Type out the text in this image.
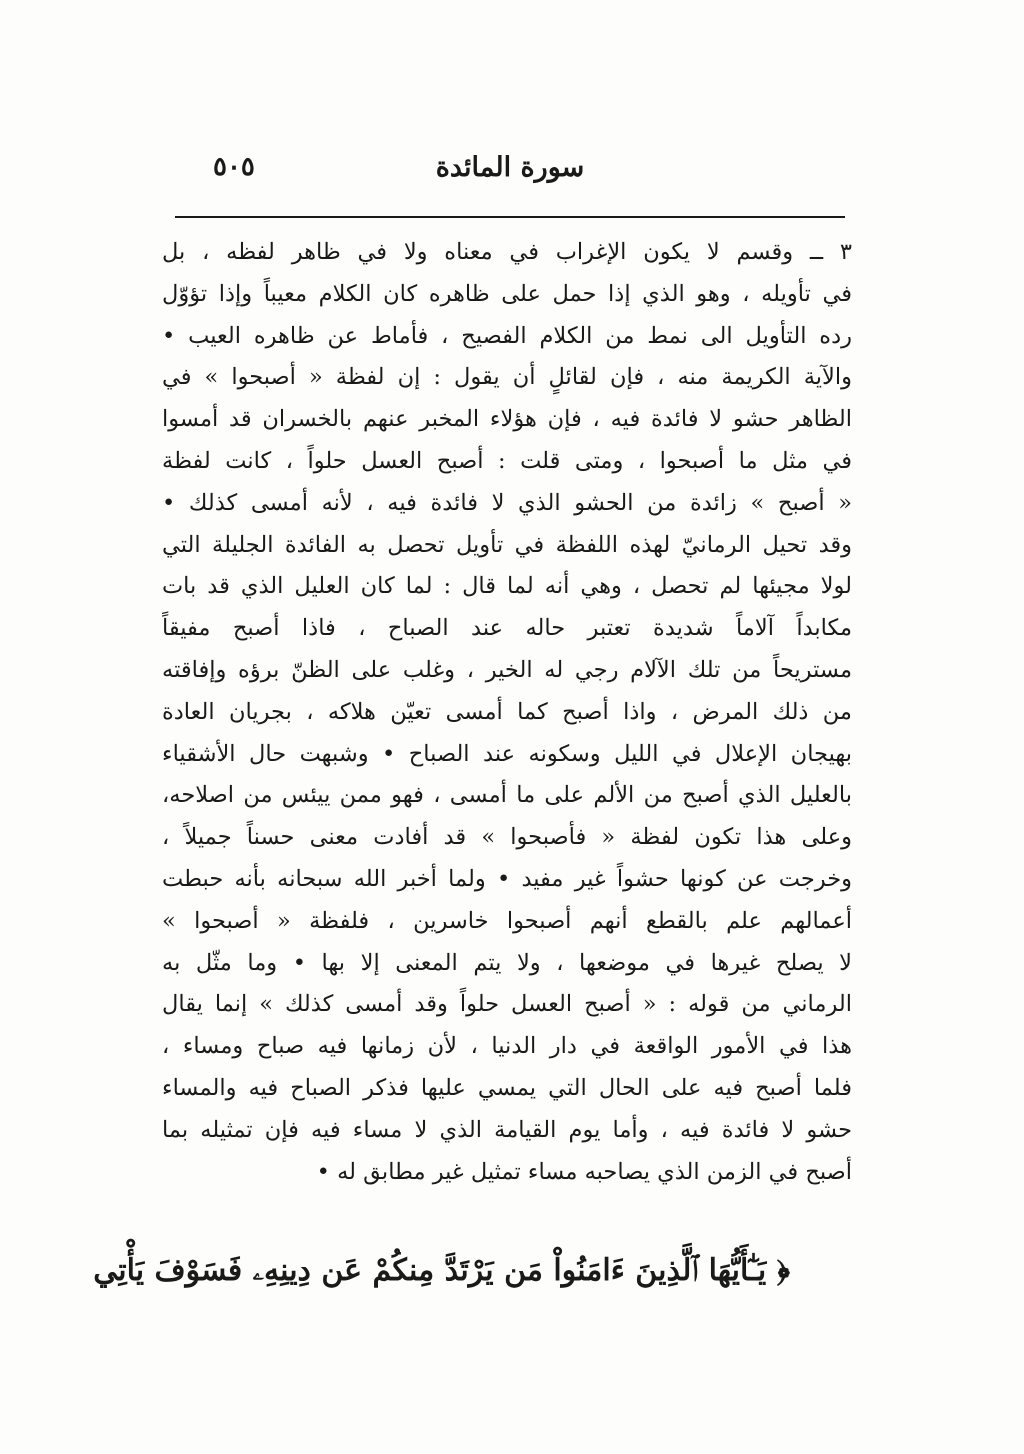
سورة المائدة
٥٠٥
٣ ــ وقسم لا يكون الإغراب في معناه ولا في ظاهر لفظه ، بل
في تأويله ، وهو الذي إذا حمل على ظاهره كان الكلام معيباً وإذا تؤوّل
رده التأويل الى نمط من الكلام الفصيح ، فأماط عن ظاهره العيب •
والآية الكريمة منه ، فإن لقائلٍ أن يقول : إن لفظة « أصبحوا » في
الظاهر حشو لا فائدة فيه ، فإن هؤلاء المخبر عنهم بالخسران قد أمسوا
في مثل ما أصبحوا ، ومتى قلت : أصبح العسل حلواً ، كانت لفظة
« أصبح » زائدة من الحشو الذي لا فائدة فيه ، لأنه أمسى كذلك •
وقد تحيل الرمانيّ لهذه اللفظة في تأويل تحصل به الفائدة الجليلة التي
لولا مجيئها لم تحصل ، وهي أنه لما قال : لما كان العليل الذي قد بات
مكابداً آلاماً شديدة تعتبر حاله عند الصباح ، فاذا أصبح مفيقاً
مستريحاً من تلك الآلام رجي له الخير ، وغلب على الظنّ برؤه وإفاقته
من ذلك المرض ، واذا أصبح كما أمسى تعيّن هلاكه ، بجريان العادة
بهيجان الإعلال في الليل وسكونه عند الصباح • وشبهت حال الأشقياء
بالعليل الذي أصبح من الألم على ما أمسى ، فهو ممن ييئس من اصلاحه،
وعلى هذا تكون لفظة « فأصبحوا » قد أفادت معنى حسناً جميلاً ،
وخرجت عن كونها حشواً غير مفيد • ولما أخبر الله سبحانه بأنه حبطت
أعمالهم علم بالقطع أنهم أصبحوا خاسرين ، فلفظة « أصبحوا »
لا يصلح غيرها في موضعها ، ولا يتم المعنى إلا بها • وما مثّل به
الرماني من قوله : « أصبح العسل حلواً وقد أمسى كذلك » إنما يقال
هذا في الأمور الواقعة في دار الدنيا ، لأن زمانها فيه صباح ومساء ،
فلما أصبح فيه على الحال التي يمسي عليها فذكر الصباح فيه والمساء
حشو لا فائدة فيه ، وأما يوم القيامة الذي لا مساء فيه فإن تمثيله بما
أصبح في الزمن الذي يصاحبه مساء تمثيل غير مطابق له •
﴿ يَـٰٓأَيُّهَا ٱلَّذِينَ ءَامَنُواْ مَن يَرْتَدَّ مِنكُمْ عَن دِينِهِۦ فَسَوْفَ يَأْتِي
